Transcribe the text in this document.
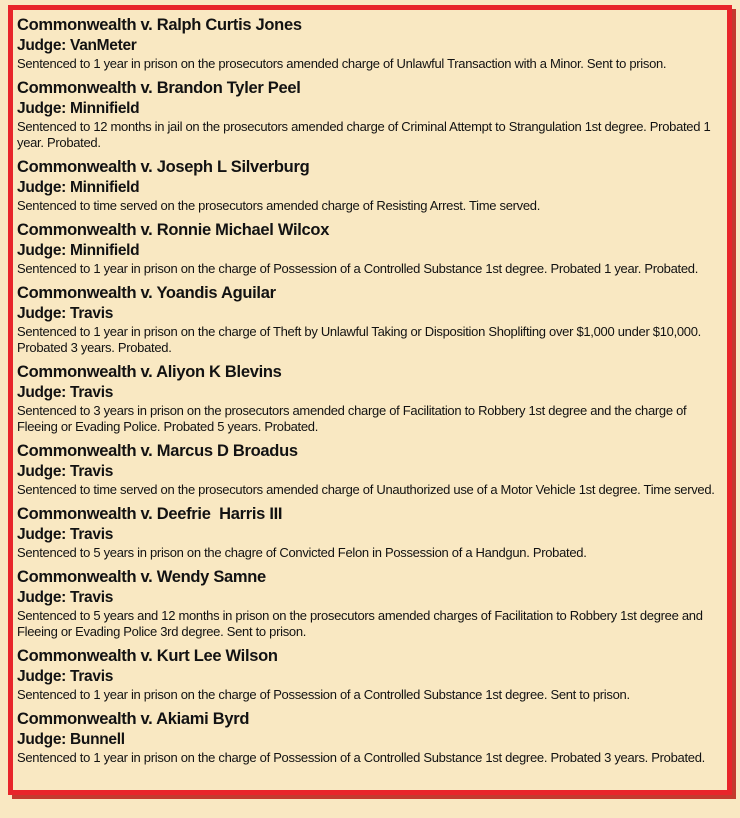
Commonwealth v. Ralph Curtis Jones
Judge: VanMeter
Sentenced to 1 year in prison on the prosecutors amended charge of Unlawful Transaction with a Minor. Sent to prison.
Commonwealth v. Brandon Tyler Peel
Judge: Minnifield
Sentenced to 12 months in jail on the prosecutors amended charge of Criminal Attempt to Strangulation 1st degree. Probated 1 year. Probated.
Commonwealth v. Joseph L Silverburg
Judge: Minnifield
Sentenced to time served on the prosecutors amended charge of Resisting Arrest. Time served.
Commonwealth v. Ronnie Michael Wilcox
Judge: Minnifield
Sentenced to 1 year in prison on the charge of Possession of a Controlled Substance 1st degree. Probated 1 year. Probated.
Commonwealth v. Yoandis Aguilar
Judge: Travis
Sentenced to 1 year in prison on the charge of Theft by Unlawful Taking or Disposition Shoplifting over $1,000 under $10,000. Probated 3 years. Probated.
Commonwealth v. Aliyon K Blevins
Judge: Travis
Sentenced to 3 years in prison on the prosecutors amended charge of Facilitation to Robbery 1st degree and the charge of Fleeing or Evading Police. Probated 5 years. Probated.
Commonwealth v. Marcus D Broadus
Judge: Travis
Sentenced to time served on the prosecutors amended charge of Unauthorized use of a Motor Vehicle 1st degree. Time served.
Commonwealth v. Deefrie  Harris III
Judge: Travis
Sentenced to 5 years in prison on the chagre of Convicted Felon in Possession of a Handgun. Probated.
Commonwealth v. Wendy Samne
Judge: Travis
Sentenced to 5 years and 12 months in prison on the prosecutors amended charges of Facilitation to Robbery 1st degree and Fleeing or Evading Police 3rd degree. Sent to prison.
Commonwealth v. Kurt Lee Wilson
Judge: Travis
Sentenced to 1 year in prison on the charge of Possession of a Controlled Substance 1st degree. Sent to prison.
Commonwealth v. Akiami Byrd
Judge: Bunnell
Sentenced to 1 year in prison on the charge of Possession of a Controlled Substance 1st degree. Probated 3 years. Probated.
